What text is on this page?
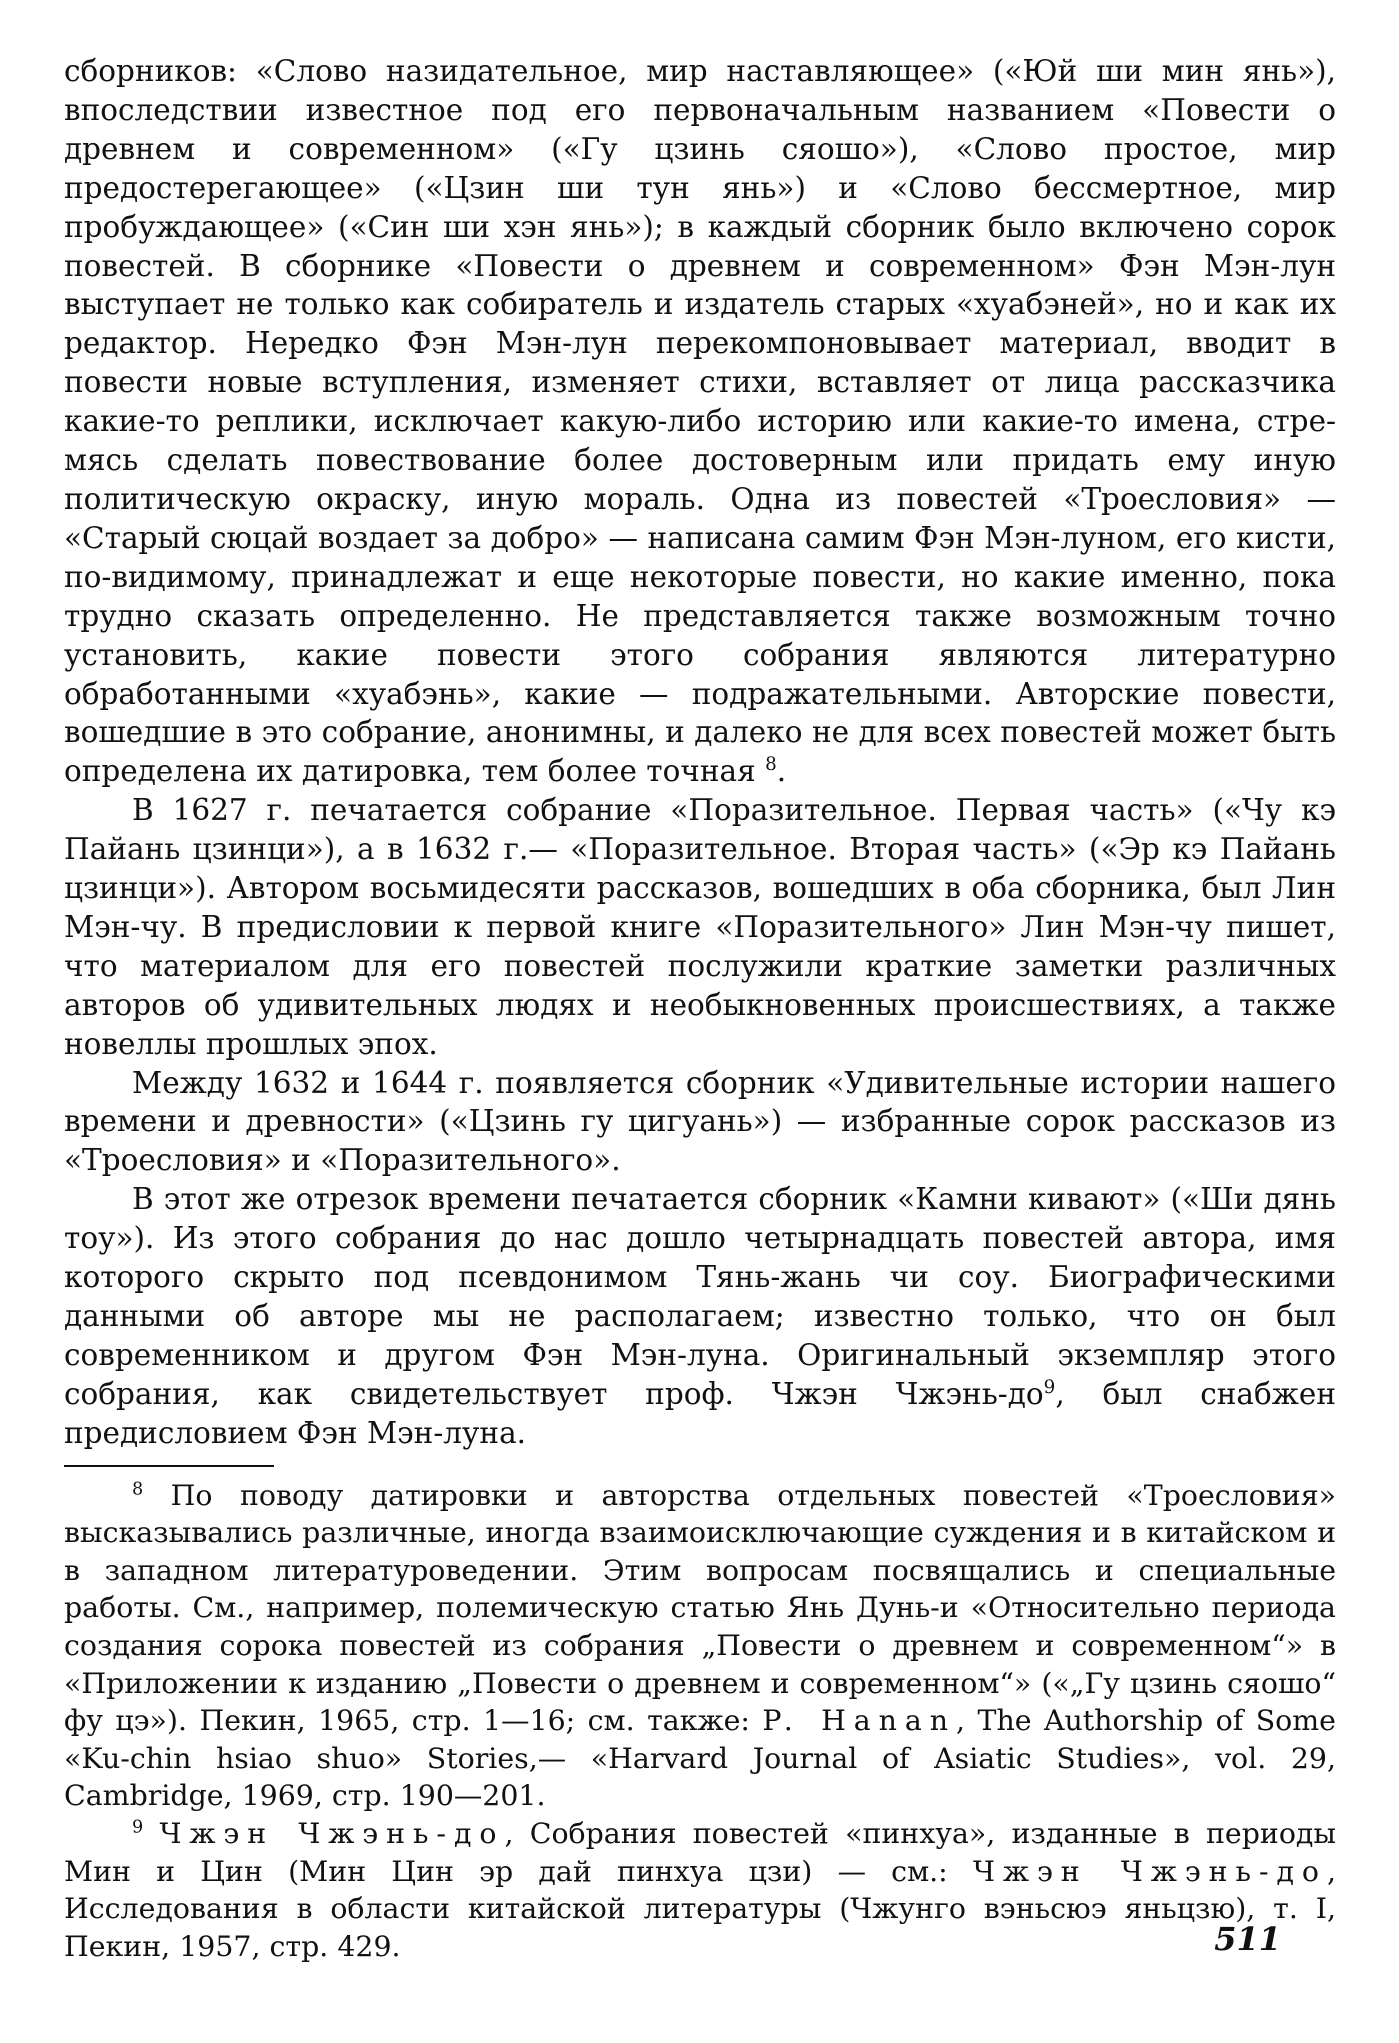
сборников: «Слово назидательное, мир наставляющее» («Юй ши мин янь»), впоследствии известное под его первоначальным названием «Повести о древнем и современном» («Гу цзинь сяошо»), «Слово простое, мир предостерегающее» («Цзин ши тун янь») и «Слово бессмертное, мир пробуждающее» («Син ши хэн янь»); в каждый сборник было включено сорок повестей. В сборнике «Повести о древнем и современном» Фэн Мэн-лун выступает не только как собиратель и издатель старых «хуабэней», но и как их редактор. Нередко Фэн Мэн-лун перекомпоновывает материал, вводит в повести новые вступления, изменяет стихи, вставляет от лица рассказчика какие-то реплики, исключает какую-либо историю или какие-то имена, стремясь сделать повествование более достоверным или придать ему иную политическую окраску, иную мораль. Одна из повестей «Троесловия» — «Старый сюцай воздает за добро» — написана самим Фэн Мэн-луном, его кисти, по-видимому, принадлежат и еще некоторые повести, но какие именно, пока трудно сказать определенно. Не представляется также возможным точно установить, какие повести этого собрания являются литературно обработанными «хуабэнь», какие — подражательными. Авторские повести, вошедшие в это собрание, анонимны, и далеко не для всех повестей может быть определена их датировка, тем более точная $^8$.

В 1627 г. печатается собрание «Поразительное. Первая часть» («Чу кэ Пайань цзинци»), а в 1632 г.— «Поразительное. Вторая часть» («Эр кэ Пайань цзинци»). Автором восьмидесяти рассказов, вошедших в оба сборника, был Лин Мэн-чу. В предисловии к первой книге «Поразительного» Лин Мэн-чу пишет, что материалом для его повестей послужили краткие заметки различных авторов об удивительных людях и необыкновенных происшествиях, а также новеллы прошлых эпох.

Между 1632 и 1644 г. появляется сборник «Удивительные истории нашего времени и древности» («Цзинь гу цигуань») — избранные сорок рассказов из «Троесловия» и «Поразительного».

В этот же отрезок времени печатается сборник «Камни кивают» («Ши дянь тоу»). Из этого собрания до нас дошло четырнадцать повестей автора, имя которого скрыто под псевдонимом Тянь-жань чи соу. Биографическими данными об авторе мы не располагаем; известно только, что он был современником и другом Фэн Мэн-луна. Оригинальный экземпляр этого собрания, как свидетельствует проф. Чжэн Чжэнь-$до^9$, был снабжен предисловием Фэн Мэн-луна.

$^8$ По поводу датировки и авторства отдельных повестей «Троесловия» высказывались различные, иногда взаимоисключающие суждения и в китайском и в западном литературоведении. Этим вопросам посвящались и специальные работы. См., например, полемическую статью Янь Дунь-и «Относительно периода создания сорока повестей из собрания „Повести о древнем и современном“» в «Приложении к изданию „Повести о древнем и современном“» («„Гу цзинь сяошо“ фу цэ»). Пекин, 1965, стр. 1—16; см. также: P. Hanan, The Authorship of Some «Ku-chin hsiao shuo» Stories,— «Harvard Journal of Asiatic Studies», vol. 29, Cambridge, 1969, стр. 190—201.

$^9$ Чжэн Чжэнь-до, Собрания повестей «пинхуа», изданные в периоды Мин и Цин (Мин Цин эр дай пинхуа цзи) — см.: Чжэн Чжэнь-до, Исследования в области китайской литературы (Чжунго вэньсюэ яньцзю), т. I, Пекин, 1957, стр. 429.	511
